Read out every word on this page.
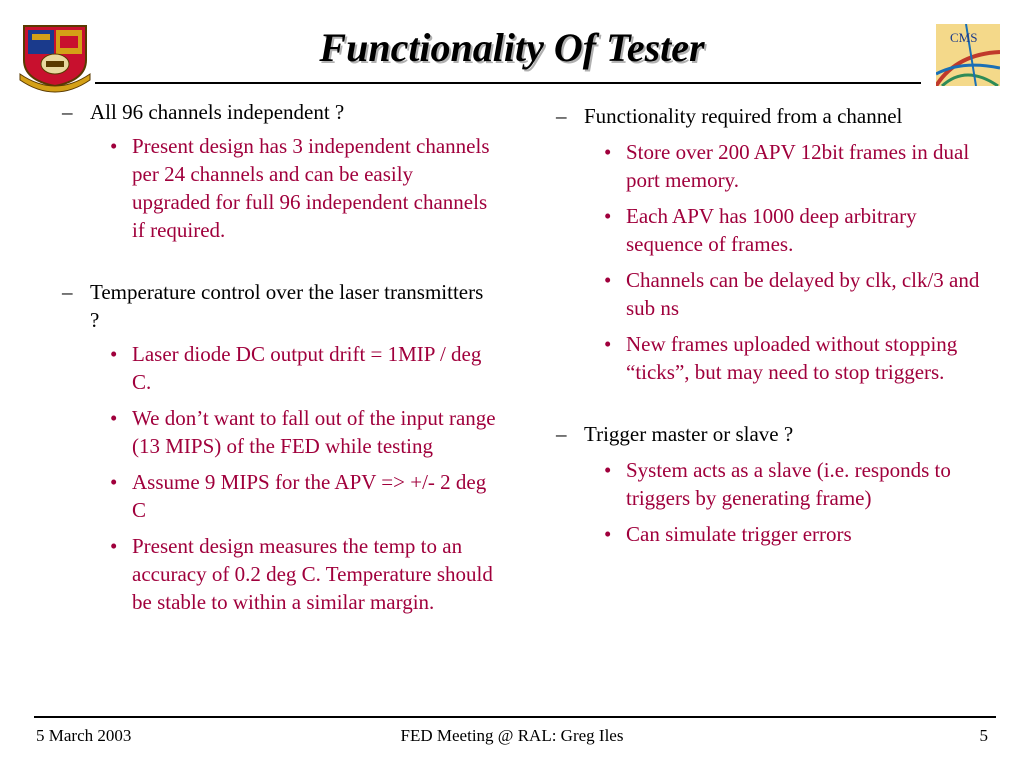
Functionality Of Tester	CMS
– All 96 channels independent ?
• Present design has 3 independent channels per 24 channels and can be easily upgraded for full 96 independent channels if required.
– Temperature control over the laser transmitters ?
• Laser diode DC output drift = 1MIP / deg C.
• We don’t want to fall out of the input range (13 MIPS) of the FED while testing
• Assume 9 MIPS for the APV => +/- 2 deg C
• Present design measures the temp to an accuracy of 0.2 deg C. Temperature should be stable to within a similar margin.
– Functionality required from a channel
• Store over 200 APV 12bit frames in dual port memory.
• Each APV has 1000 deep arbitrary sequence of frames.
• Channels can be delayed by clk, clk/3 and sub ns
• New frames uploaded without stopping “ticks”, but may need to stop triggers.
– Trigger master or slave ?
• System acts as a slave (i.e. responds to triggers by generating frame)
• Can simulate trigger errors
5 March 2003	FED Meeting @ RAL: Greg Iles	5
